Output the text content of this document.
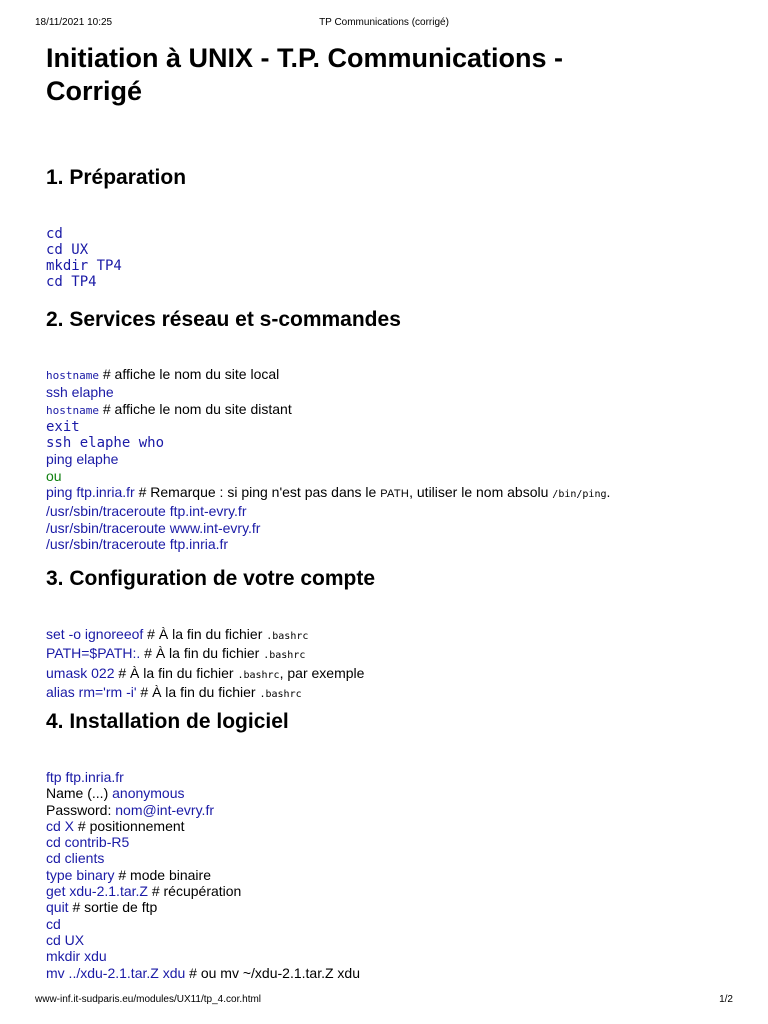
18/11/2021 10:25	TP Communications (corrigé)
Initiation à UNIX - T.P. Communications -
Corrigé
1. Préparation
cd
cd UX
mkdir TP4
cd TP4
2. Services réseau et s-commandes
hostname # affiche le nom du site local
ssh elaphe
hostname # affiche le nom du site distant
exit
ssh elaphe who
ping elaphe
ou
ping ftp.inria.fr # Remarque : si ping n'est pas dans le PATH, utiliser le nom absolu /bin/ping.
/usr/sbin/traceroute ftp.int-evry.fr
/usr/sbin/traceroute www.int-evry.fr
/usr/sbin/traceroute ftp.inria.fr
3. Configuration de votre compte
set -o ignoreeof # À la fin du fichier .bashrc
PATH=$PATH:. # À la fin du fichier .bashrc
umask 022 # À la fin du fichier .bashrc, par exemple
alias rm='rm -i' # À la fin du fichier .bashrc
4. Installation de logiciel
ftp ftp.inria.fr
Name (...) anonymous
Password: nom@int-evry.fr
cd X # positionnement
cd contrib-R5
cd clients
type binary # mode binaire
get xdu-2.1.tar.Z # récupération
quit # sortie de ftp
cd
cd UX
mkdir xdu
mv ../xdu-2.1.tar.Z xdu # ou mv ~/xdu-2.1.tar.Z xdu
www-inf.it-sudparis.eu/modules/UX11/tp_4.cor.html	1/2
